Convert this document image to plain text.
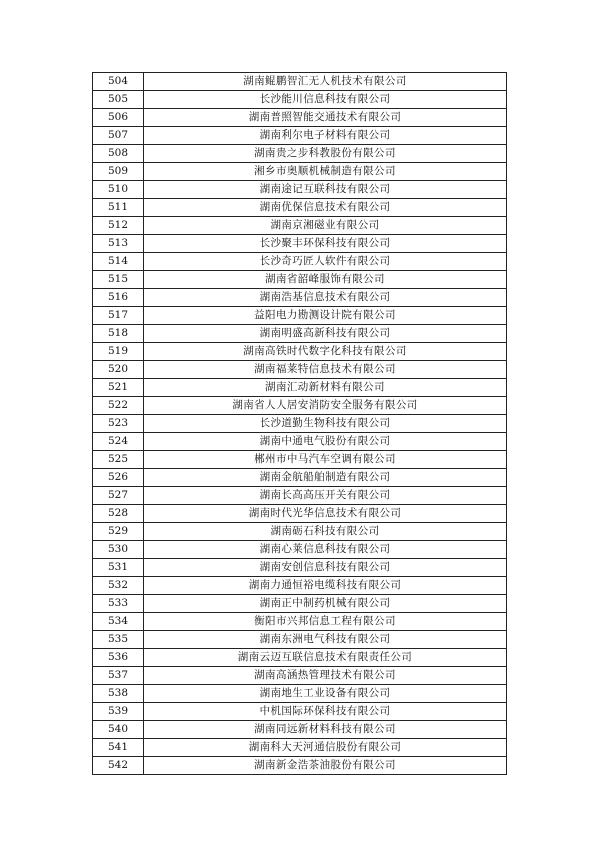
504	湖南鲲鹏智汇无人机技术有限公司
505	长沙能川信息科技有限公司
506	湖南普照智能交通技术有限公司
507	湖南利尔电子材料有限公司
508	湖南贵之步科教股份有限公司
509	湘乡市奥顺机械制造有限公司
510	湖南途记互联科技有限公司
511	湖南优保信息技术有限公司
512	湖南京湘磁业有限公司
513	长沙聚丰环保科技有限公司
514	长沙奇巧匠人软件有限公司
515	湖南省韶峰服饰有限公司
516	湖南浩基信息技术有限公司
517	益阳电力勘测设计院有限公司
518	湖南明盛高新科技有限公司
519	湖南高铁时代数字化科技有限公司
520	湖南福莱特信息技术有限公司
521	湖南汇动新材料有限公司
522	湖南省人人居安消防安全服务有限公司
523	长沙道勤生物科技有限公司
524	湖南中通电气股份有限公司
525	郴州市中马汽车空调有限公司
526	湖南金航船舶制造有限公司
527	湖南长高高压开关有限公司
528	湖南时代光华信息技术有限公司
529	湖南砺石科技有限公司
530	湖南心莱信息科技有限公司
531	湖南安创信息科技有限公司
532	湖南力通恒裕电缆科技有限公司
533	湖南正中制药机械有限公司
534	衡阳市兴邦信息工程有限公司
535	湖南东洲电气科技有限公司
536	湖南云迈互联信息技术有限责任公司
537	湖南高涵热管理技术有限公司
538	湖南地生工业设备有限公司
539	中机国际环保科技有限公司
540	湖南同远新材料科技有限公司
541	湖南科大天河通信股份有限公司
542	湖南新金浩茶油股份有限公司
